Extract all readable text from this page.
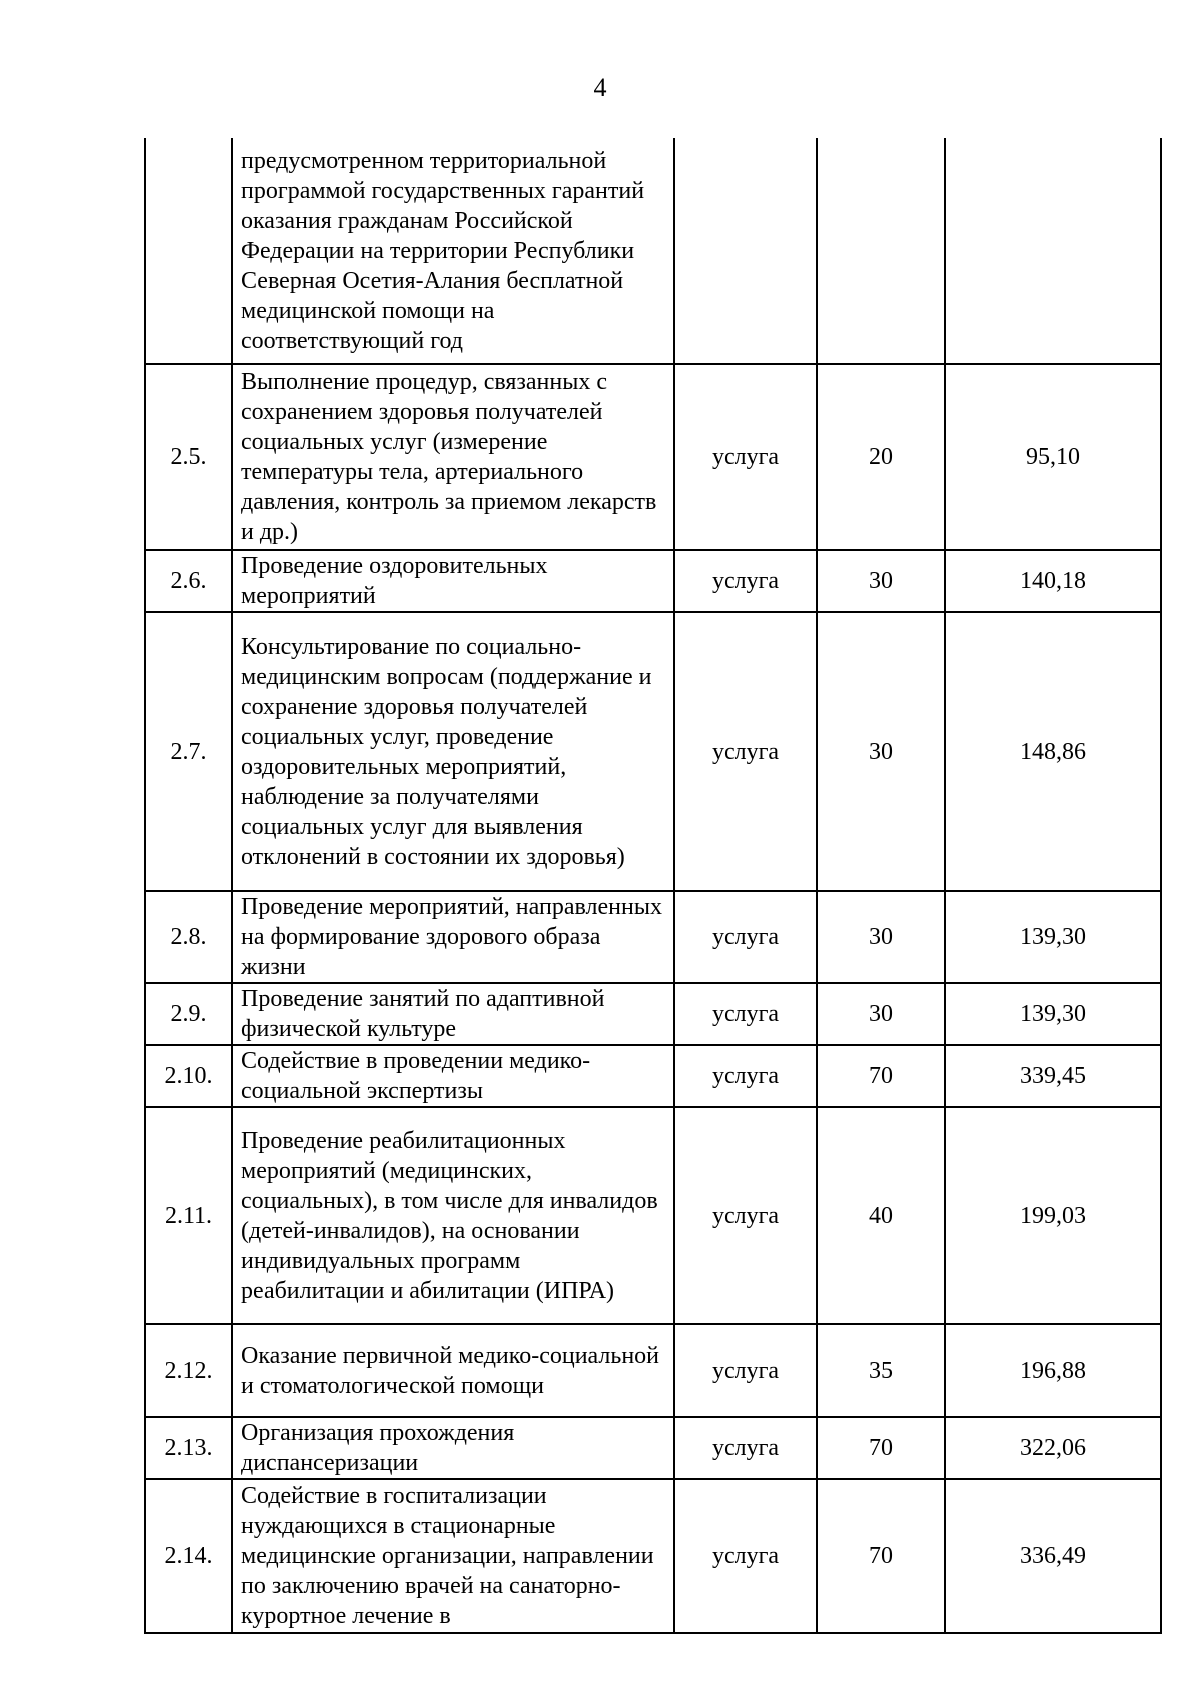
4
	предусмотренном территориальной программой государственных гарантий оказания гражданам Российской Федерации на территории Республики Северная Осетия-Алания бесплатной медицинской помощи на соответствующий год			
2.5.	Выполнение процедур, связанных с сохранением здоровья получателей социальных услуг (измерение температуры тела, артериального давления, контроль за приемом лекарств и др.)	услуга	20	95,10
2.6.	Проведение оздоровительных мероприятий	услуга	30	140,18
2.7.	Консультирование по социально-медицинским вопросам (поддержание и сохранение здоровья получателей социальных услуг, проведение оздоровительных мероприятий, наблюдение за получателями социальных услуг для выявления отклонений в состоянии их здоровья)	услуга	30	148,86
2.8.	Проведение мероприятий, направленных на формирование здорового образа жизни	услуга	30	139,30
2.9.	Проведение занятий по адаптивной физической культуре	услуга	30	139,30
2.10.	Содействие в проведении медико-социальной экспертизы	услуга	70	339,45
2.11.	Проведение реабилитационных мероприятий (медицинских, социальных), в том числе для инвалидов (детей-инвалидов), на основании индивидуальных программ реабилитации и абилитации (ИПРА)	услуга	40	199,03
2.12.	Оказание первичной медико-социальной и стоматологической помощи	услуга	35	196,88
2.13.	Организация прохождения диспансеризации	услуга	70	322,06
2.14.	Содействие в госпитализации нуждающихся в стационарные медицинские организации, направлении по заключению врачей на санаторно-курортное лечение в	услуга	70	336,49
